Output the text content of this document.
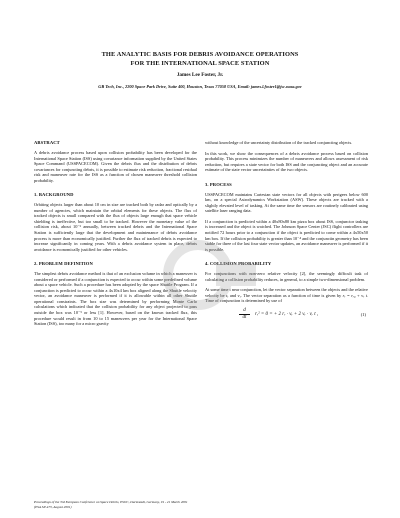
THE ANALYTIC BASIS FOR DEBRIS AVOIDANCE OPERATIONS
FOR THE INTERNATIONAL SPACE STATION
James Lee Foster, Jr.
GB Tech, Inc., 2200 Space Park Drive, Suite 400, Houston, Texas 77058 USA, Email: james.l.foster1@jsc.nasa.gov
ABSTRACT
A debris avoidance process based upon collision probability has been developed for the International Space Station (ISS) using covariance information supplied by the United States Space Command (USSPACECOM). Given the debris flux and the distribution of debris covariances for conjuncting debris, it is possible to estimate risk reduction, fractional residual risk and maneuver rate for the ISS as a function of chosen maneuver threshold collision probability.
1. BACKGROUND
Orbiting objects larger than about 10 cm in size are tracked both by radar and optically by a number of agencies, which maintain the orbital elements for these objects. The flux of tracked objects is small compared with the flux of objects large enough that space vehicle shielding is ineffective, but too small to be tracked. However the monetary value of the collision risk, about 10⁻³ annually, between tracked debris and the International Space Station is sufficiently large that the development and maintenance of debris avoidance process is more than economically justified. Further the flux of tracked debris is expected to increase significantly in coming years. With a debris avoidance system in place, debris avoidance is economically justified for other vehicles.
2. PROBLEM DEFINITION
The simplest debris avoidance method is that of an exclusion volume in which a maneuver is considered or performed if a conjunction is expected to occur within some predefined volume about a space vehicle. Such a procedure has been adopted by the space Shuttle Program. If a conjunction is predicted to occur within a 4x10x4 km box aligned along the Shuttle velocity vector, an avoidance maneuver is performed if it is allowable within all other Shuttle operational constraints. The box size was determined by performing Monte Carlo calculations which indicated that the collision probability for any object projected to pass outside the box was 10⁻⁵ or less [1]. However, based on the known tracked flux, this procedure would result in from 10 to 15 maneuvers per year for the International Space Station (ISS), too many for a micro gravity
without knowledge of the uncertainty distribution of the tracked conjuncting objects.
In this work, we show the consequences of a debris avoidance process based on collision probability. This process minimizes the number of maneuvers and allows assessment of risk reduction, but requires a state vector for both ISS and the conjuncting object and an accurate estimate of the state vector uncertainties of the two objects.
3. PROCESS
USSPACECOM maintains Cartesian state vectors for all objects with perigees below 600 km, on a special Astrodynamics Workstation (ASW). These objects are tracked with a slightly elevated level of tasking. At the same time the sensors are routinely calibrated using satellite laser ranging data.
If a conjunction is predicted within a 40x80x80 km pizza box about ISS, conjunctor tasking is increased and the object is watched. The Johnson Space Center (JSC) flight controllers are notified 72 hours prior to a conjunction if the object is predicted to come within a 4x50x50 km box. If the collision probability is greater than 10⁻⁴ and the conjunctin geometry has been stable for three of the last four state vector updates, an avoidance maneuver is performed if it is possible.
4. COLLISION PROBABILITY
For conjunctions with non-zero relative velocity [2], the seemingly difficult task of calculating a collision probability reduces, in general, to a simple two-dimensional problem.
At some time t near conjunction, let the vector separation between the objects and the relative velocity be rᵣ and vᵣ. The vector separation as a function of time is given by rᵣ = rᵣ₀ + vᵣ t. Time of conjunction is determined by use of
d
dt
rᵣ² = 0 = + 2 rᵣ · vᵣ + 2 vᵣ · vᵣ t ,	(1)
Proceedings of the 3rd European Conference on Space Debris, ESOC, Darmstadt, Germany, 19 - 21 March 2001
(ESA SP-473, August 2001)
